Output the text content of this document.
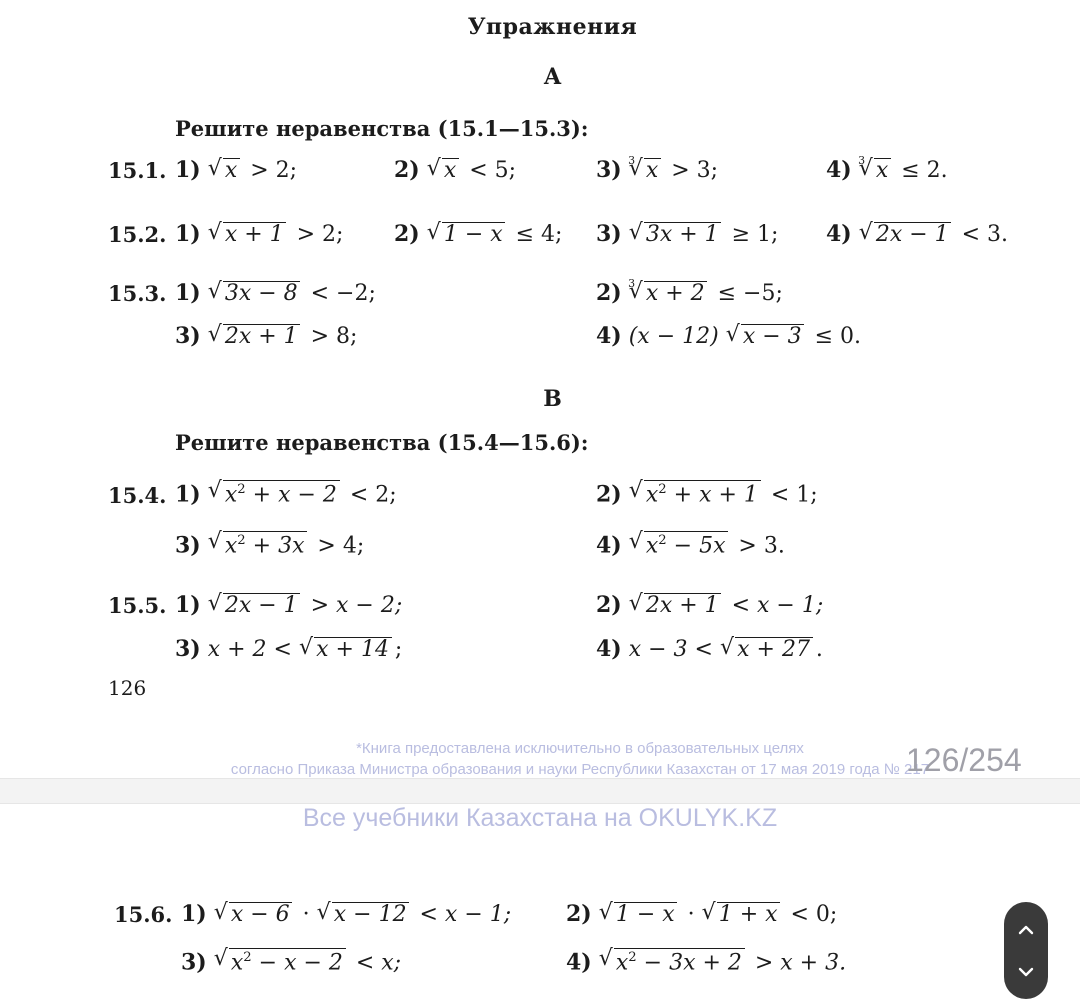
Упражнения
A
Решите неравенства (15.1—15.3):
15.1. 1) √ x > 2;	2) √ x < 5;	3) √ 3 x > 3;	4) √ 3 x ≤ 2.
15.2. 1) √ x + 1 > 2; 2) √ 1 − x ≤ 4; 3) √ 3x + 1 ≥ 1; 4) √ 2x − 1 < 3.
15.3. 1) √ 3x − 8 < −2;	2) √ 3 x + 2 ≤ −5;
3) √ 2x + 1 > 8;	4) (x − 12) √ x − 3 ≤ 0.
B
Решите неравенства (15.4—15.6):
15.4. 1) √ $x^2 + x - 2 < 2$;	2) √ $x^2 + x + 1 < 1$;
3) √ $x^2 + 3x > 4$;	4) √ $x^2 - 5x > 3$.
15.5. 1) √ 2x − 1 > x − 2;	2) √ 2x + 1 < x − 1;
3) x + 2 < √ x + 14 ;	4) x − 3 < √ x + 27 .
126
*Книга предоставлена исключительно в образовательных целях
согласно Приказа Министра образования и науки Республики Казахстан от 17 мая 2019 года № 217
126/254
Все учебники Казахстана на OKULYK.KZ
15.6. 1) √ x − 6 · √ x − 12 < x − 1; 2) √ 1 − x · √ 1 + x < 0;
3) √ $x^2 - x - 2 < x$;	4) √ $x^2 - 3x + 2 > x + 3$.
